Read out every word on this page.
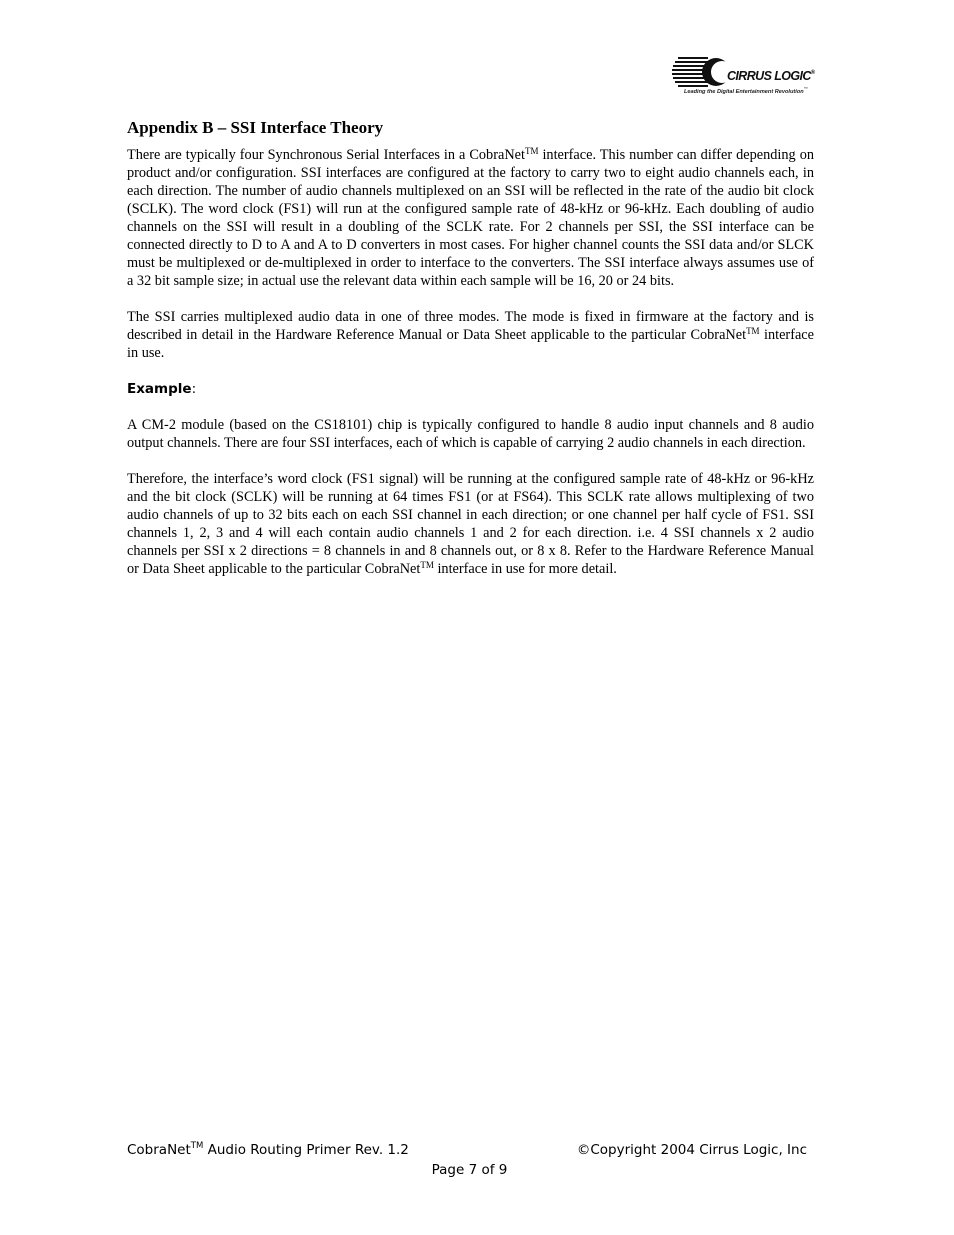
CIRRUS LOGIC®
Leading the Digital Entertainment Revolution™
Appendix B – SSI Interface Theory

There are typically four Synchronous Serial Interfaces in a CobraNet™ interface. This number can differ depending on product and/or configuration. SSI interfaces are configured at the factory to carry two to eight audio channels each, in each direction. The number of audio channels multiplexed on an SSI will be reflected in the rate of the audio bit clock (SCLK). The word clock (FS1) will run at the configured sample rate of 48-kHz or 96-kHz. Each doubling of audio channels on the SSI will result in a doubling of the SCLK rate. For 2 channels per SSI, the SSI interface can be connected directly to D to A and A to D converters in most cases. For higher channel counts the SSI data and/or SLCK must be multiplexed or de-multiplexed in order to interface to the converters. The SSI interface always assumes use of a 32 bit sample size; in actual use the relevant data within each sample will be 16, 20 or 24 bits.

The SSI carries multiplexed audio data in one of three modes. The mode is fixed in firmware at the factory and is described in detail in the Hardware Reference Manual or Data Sheet applicable to the particular CobraNet™ interface in use.

Example:

A CM-2 module (based on the CS18101) chip is typically configured to handle 8 audio input channels and 8 audio output channels. There are four SSI interfaces, each of which is capable of carrying 2 audio channels in each direction.

Therefore, the interface’s word clock (FS1 signal) will be running at the configured sample rate of 48-kHz or 96-kHz and the bit clock (SCLK) will be running at 64 times FS1 (or at FS64). This SCLK rate allows multiplexing of two audio channels of up to 32 bits each on each SSI channel in each direction; or one channel per half cycle of FS1. SSI channels 1, 2, 3 and 4 will each contain audio channels 1 and 2 for each direction. i.e. 4 SSI channels x 2 audio channels per SSI x 2 directions = 8 channels in and 8 channels out, or 8 x 8. Refer to the Hardware Reference Manual or Data Sheet applicable to the particular CobraNet™ interface in use for more detail.

CobraNet™ Audio Routing Primer Rev. 1.2	©Copyright 2004 Cirrus Logic, Inc
Page 7 of 9
